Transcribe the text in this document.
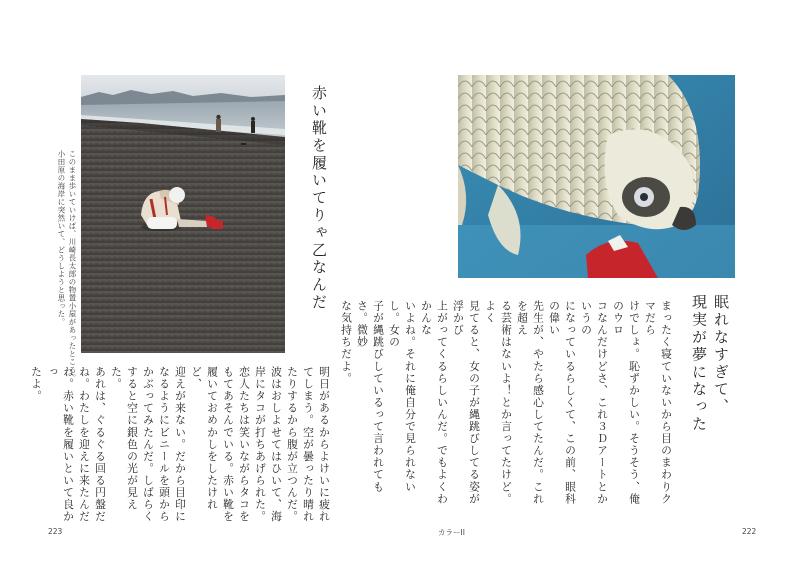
このまま歩いていけば、川崎長太郎の物置小屋があったところ。
小田原の海岸に突然いて、どうしようと思った。	赤い靴を履いてりゃ乙なんだ
明日があるからよけいに疲れ
てしまう。空が曇ったり晴れ
たりするから腹が立つんだ。
波はおしよせてはひいて、海
岸にタコが打ちあげられた。
恋人たちは笑いながらタコを
もてあそんでいる。赤い靴を
履いておめかしをしたけれど、
迎えが来ない。だから目印に
なるようにビニールを頭から
かぶってみたんだ。しばらく
すると空に銀色の光が見えた。
あれは、ぐるぐる回る円盤だ
ね。わたしを迎えに来たんだ
ね。赤い靴を履いといて良かっ
たよ。
223
眠れなすぎて、
現実が夢になった
まったく寝ていないから目のまわりクマだら
けでしょ。恥ずかしい。そうそう、俺のウロ
コなんだけどさ、これ３Ｄアートとかいうの
になっているらしくて、この前、眼科の偉い
先生が、やたら感心してたんだ。これを超え
る芸術はないよ！とか言ってたけど。よく
見てると、女の子が縄跳びしてる姿が浮かび
上がってくるらしいんだ。でもよくわかんな
いよね。それに俺自分で見られないし。女の
子が縄跳びしているって言われてもさ。微妙
な気持ちだよ。
カラーII	222
